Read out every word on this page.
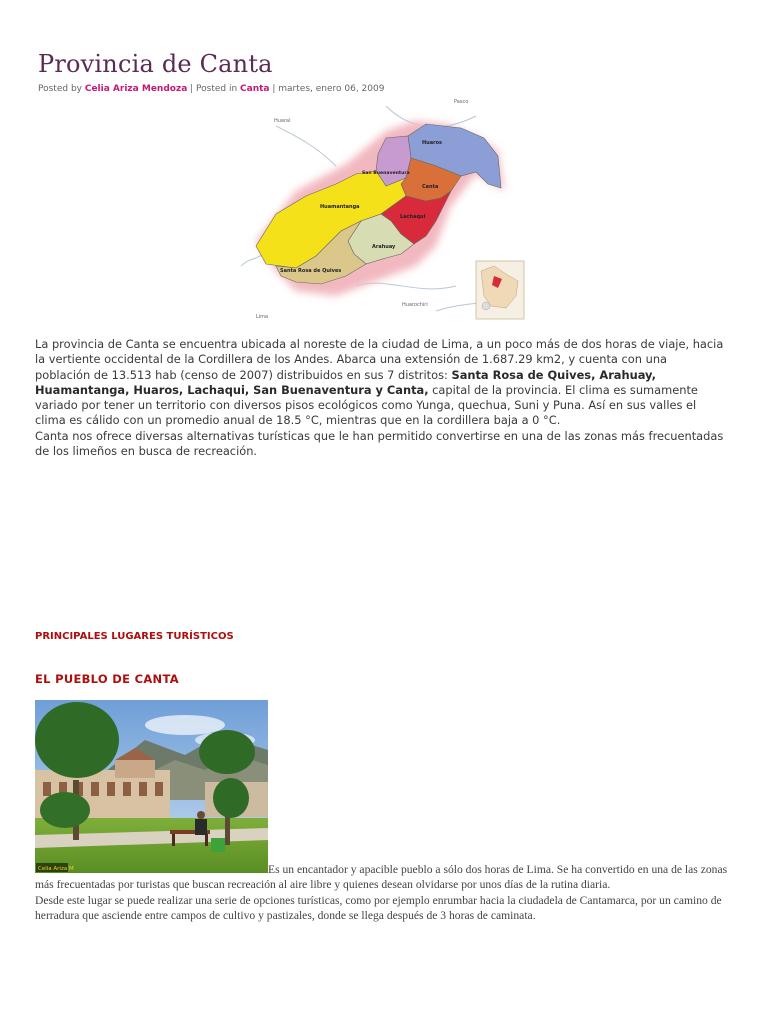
Provincia de Canta
Posted by Celia Ariza Mendoza | Posted in Canta | martes, enero 06, 2009
Pasco
Huaral
Huaros
San Buenaventura
Canta
Huamantanga
Lachaqui
Arahuay
Santa Rosa de Quives
Lima
Huarochiri
La provincia de Canta se encuentra ubicada al noreste de la ciudad de Lima, a un poco más de dos horas de viaje, hacia la vertiente occidental de la Cordillera de los Andes. Abarca una extensión de 1.687.29 km2, y cuenta con una población de 13.513 hab (censo de 2007) distribuidos en sus 7 distritos: Santa Rosa de Quives, Arahuay, Huamantanga, Huaros, Lachaqui, San Buenaventura y Canta, capital de la provincia. El clima es sumamente variado por tener un territorio con diversos pisos ecológicos como Yunga, quechua, Suni y Puna. Así en sus valles el clima es cálido con un promedio anual de 18.5 °C, mientras que en la cordillera baja a 0 °C.
Canta nos ofrece diversas alternativas turísticas que le han permitido convertirse en una de las zonas más frecuentadas de los limeños en busca de recreación.
PRINCIPALES LUGARES TURÍSTICOS
EL PUEBLO DE CANTA
Celia Ariza M	Es un encantador y apacible pueblo a sólo dos horas de Lima. Se ha convertido en una de las zonas más frecuentadas por turistas que buscan recreación al aire libre y quienes desean olvidarse por unos días de la rutina diaria.
Desde este lugar se puede realizar una serie de opciones turísticas, como por ejemplo enrumbar hacia la ciudadela de Cantamarca, por un camino de herradura que asciende entre campos de cultivo y pastizales, donde se llega después de 3 horas de caminata.
